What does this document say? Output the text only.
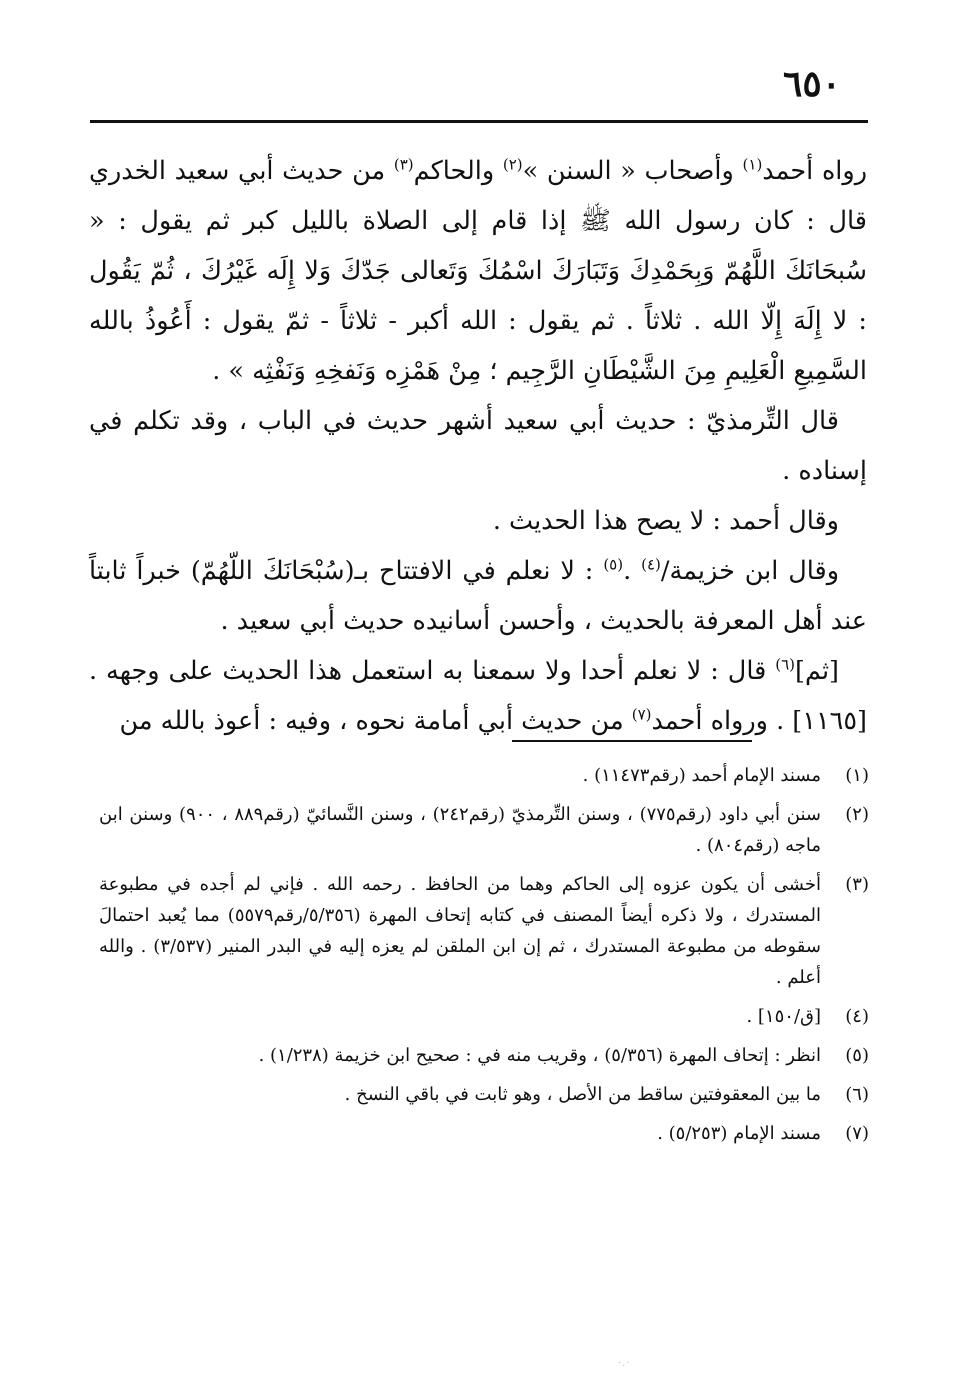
٦٥٠

رواه أحمد$^{(١)}$ وأصحاب « السنن »$^{(٢)}$ والحاكم$^{(٣)}$ من حديث أبي سعيد الخدري قال : كان رسول الله ﷺ إذا قام إلى الصلاة بالليل كبر ثم يقول : « سُبحَانَكَ اللَّهُمّ وَبِحَمْدِكَ وَتَبَارَكَ اسْمُكَ وَتَعالى جَدّكَ وَلا إِلَه غَيْرُكَ ، ثُمّ يَقُول : لا إِلَهَ إِلّا الله . ثلاثاً . ثم يقول : الله أكبر - ثلاثاً - ثمّ يقول : أَعُوذُ بالله السَّمِيعِ الْعَلِيمِ مِنَ الشَّيْطَانِ الرَّجِيم ؛ مِنْ هَمْزِه وَنَفخِهِ وَنَفْثِه » .

قال التِّرمذيّ : حديث أبي سعيد أشهر حديث في الباب ، وقد تكلم في إسناده .

وقال أحمد : لا يصح هذا الحديث .

وقال ابن خزيمة/$^{(٤)}$ .$^{(٥)}$ : لا نعلم في الافتتاح بـ(سُبْحَانَكَ اللّهُمّ) خبراً ثابتاً عند أهل المعرفة بالحديث ، وأحسن أسانيده حديث أبي سعيد .

[ثم]$^{(٦)}$ قال : لا نعلم أحدا ولا سمعنا به استعمل هذا الحديث على وجهه . [١١٦٥] . ورواه أحمد$^{(٧)}$ من حديث أبي أمامة نحوه ، وفيه : أعوذ بالله من

(١)
مسند الإمام أحمد (رقم١١٤٧٣) .
(٢)
سنن أبي داود (رقم٧٧٥) ، وسنن التِّرمذيّ (رقم٢٤٢) ، وسنن النَّسائيّ (رقم٨٨٩ ، ٩٠٠) وسنن ابن ماجه (رقم٨٠٤) .
(٣)
أخشى أن يكون عزوه إلى الحاكم وهما من الحافظ . رحمه الله . فإني لم أجده في مطبوعة المستدرك ، ولا ذكره أيضاً المصنف في كتابه إتحاف المهرة (٥/٣٥٦/رقم٥٥٧٩) مما يُعبد احتمالَ سقوطه من مطبوعة المستدرك ، ثم إن ابن الملقن لم يعزه إليه في البدر المنير (٣/٥٣٧) . والله أعلم .
(٤)
[ق/١٥٠] .
(٥)
انظر : إتحاف المهرة (٥/٣٥٦) ، وقريب منه في : صحيح ابن خزيمة (١/٢٣٨) .
(٦)
ما بين المعقوفتين ساقط من الأصل ، وهو ثابت في باقي النسخ .
(٧)
مسند الإمام (٥/٢٥٣) .
·.·
